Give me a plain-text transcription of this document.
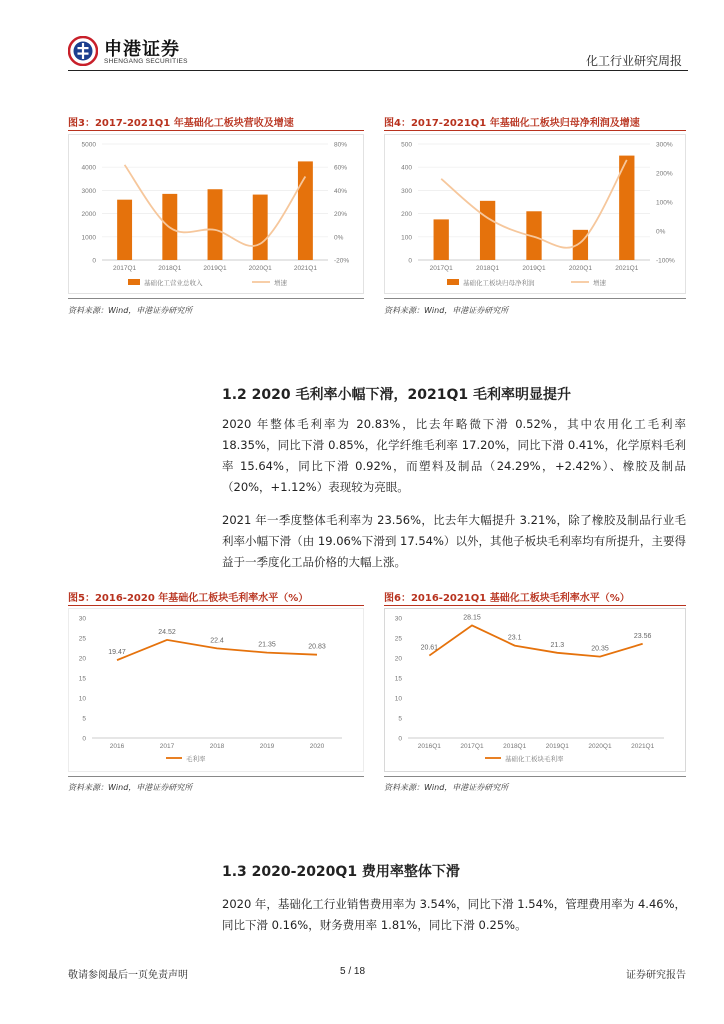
申港证券
SHENGANG SECURITIES	化工行业研究周报
图3：2017-2021Q1 年基础化工板块营收及增速
0
1000
2000
3000
4000
5000
-20%
0%
20%
40%
60%
80%
2017Q1	2018Q1	2019Q1	2020Q1	2021Q1
基础化工营业总收入	增速
资料来源：Wind，申港证券研究所
图4：2017-2021Q1 年基础化工板块归母净利润及增速
0
100
200
300
400
500
-100%
0%
100%
200%
300%
2017Q1	2018Q1	2019Q1	2020Q1	2021Q1
基础化工板块归母净利润	增速
资料来源：Wind，申港证券研究所
1.2 2020 毛利率小幅下滑，2021Q1 毛利率明显提升
2020 年整体毛利率为 20.83%，比去年略微下滑 0.52%，其中农用化工毛利率 18.35%，同比下滑 0.85%，化学纤维毛利率 17.20%，同比下滑 0.41%，化学原料毛利率 15.64%，同比下滑 0.92%，而塑料及制品（24.29%，+2.42%）、橡胶及制品（20%，+1.12%）表现较为亮眼。
2021 年一季度整体毛利率为 23.56%，比去年大幅提升 3.21%，除了橡胶及制品行业毛利率小幅下滑（由 19.06%下滑到 17.54%）以外，其他子板块毛利率均有所提升，主要得益于一季度化工品价格的大幅上涨。
图5：2016-2020 年基础化工板块毛利率水平（%）
0
5
10
15
20
25
30
2016
19.47
2017
24.52
2018
22.4
2019
21.35
2020
20.83
毛利率
资料来源：Wind，申港证券研究所
图6：2016-2021Q1 基础化工板块毛利率水平（%）
0
5
10
15
20
25
30
2016Q1
20.61
2017Q1
28.15
2018Q1
23.1
2019Q1
21.3
2020Q1
20.35
2021Q1
23.56
基础化工板块毛利率
资料来源：Wind，申港证券研究所
1.3 2020-2020Q1 费用率整体下滑
2020 年，基础化工行业销售费用率为 3.54%，同比下滑 1.54%，管理费用率为 4.46%，同比下滑 0.16%，财务费用率 1.81%，同比下滑 0.25%。
敬请参阅最后一页免责声明	5 / 18	证券研究报告
